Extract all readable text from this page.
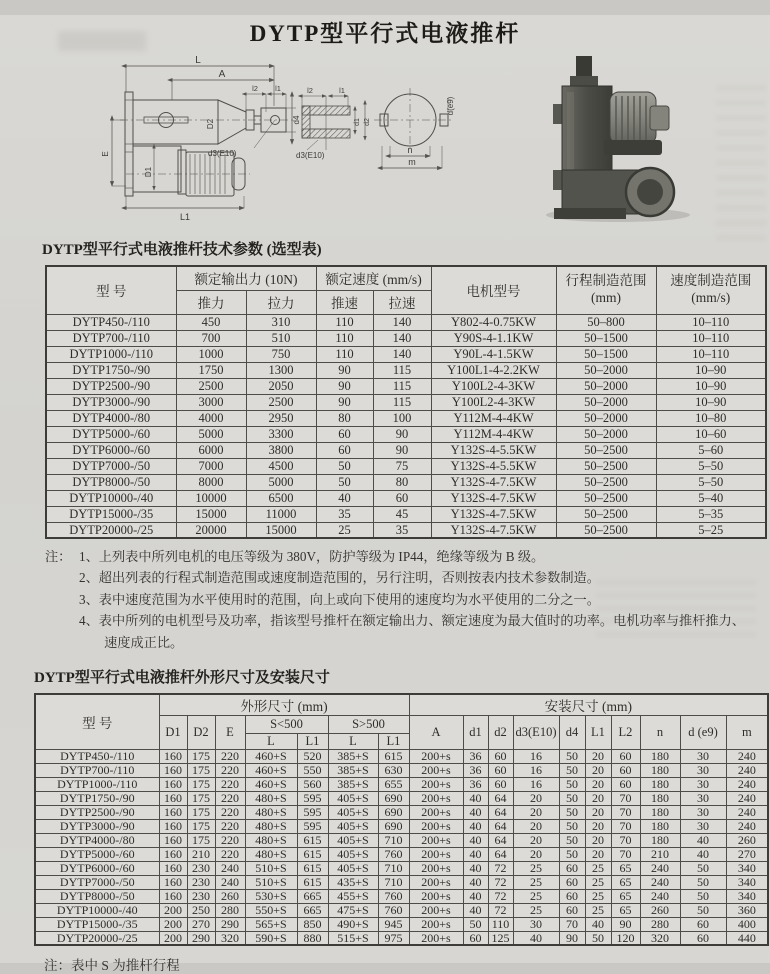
DYTP型平行式电液推杆
L
A
l2 l1
D2	d4
d3(E10)
E
D1
L1
l2	l1
d1 d2
d3(E10)
n
m
d(e9)
DYTP型平行式电液推杆技术参数 (选型表)
型 号	额定输出力 (10N)		额定速度 (mm/s)		电机型号	行程制造范围
(mm)	速度制造范围
(mm/s)

	推力	拉力	推速	拉速			
DYTP450-/110	450	310	110	140	Y802-4-0.75KW	50–800	10–110
DYTP700-/110	700	510	110	140	Y90S-4-1.1KW	50–1500	10–110
DYTP1000-/110	1000	750	110	140	Y90L-4-1.5KW	50–1500	10–110
DYTP1750-/90	1750	1300	90	115	Y100L1-4-2.2KW	50–2000	10–90
DYTP2500-/90	2500	2050	90	115	Y100L2-4-3KW	50–2000	10–90
DYTP3000-/90	3000	2500	90	115	Y100L2-4-3KW	50–2000	10–90
DYTP4000-/80	4000	2950	80	100	Y112M-4-4KW	50–2000	10–80
DYTP5000-/60	5000	3300	60	90	Y112M-4-4KW	50–2000	10–60
DYTP6000-/60	6000	3800	60	90	Y132S-4-5.5KW	50–2500	5–60
DYTP7000-/50	7000	4500	50	75	Y132S-4-5.5KW	50–2500	5–50
DYTP8000-/50	8000	5000	50	80	Y132S-4-7.5KW	50–2500	5–50
DYTP10000-/40	10000	6500	40	60	Y132S-4-7.5KW	50–2500	5–40
DYTP15000-/35	15000	11000	35	45	Y132S-4-7.5KW	50–2500	5–35
DYTP20000-/25	20000	15000	25	35	Y132S-4-7.5KW	50–2500	5–25
注： 1、上列表中所列电机的电压等级为 380V，防护等级为 IP44，绝缘等级为 B 级。
2、超出列表的行程式制造范围或速度制造范围的，另行注明，否则按表内技术参数制造。
3、表中速度范围为水平使用时的范围，向上或向下使用的速度均为水平使用的二分之一。
4、表中所列的电机型号及功率，指该型号推杆在额定输出力、额定速度为最大值时的功率。电机功率与推杆推力、速度成正比。
DYTP型平行式电液推杆外形尺寸及安装尺寸
型 号	外形尺寸 (mm)							安装尺寸 (mm)									
	D1	D2	E	S<500		S>500		A	d1	d2	d3(E10)	d4	L1	L2	n	d (e9)	m
				L	L1	L	L1										
DYTP450-/110	160	175	220	460+S	520	385+S	615	200+s	36	60	16	50	20	60	180	30	240
DYTP700-/110	160	175	220	460+S	550	385+S	630	200+s	36	60	16	50	20	60	180	30	240
DYTP1000-/110	160	175	220	460+S	560	385+S	655	200+s	36	60	16	50	20	60	180	30	240
DYTP1750-/90	160	175	220	480+S	595	405+S	690	200+s	40	64	20	50	20	70	180	30	240
DYTP2500-/90	160	175	220	480+S	595	405+S	690	200+s	40	64	20	50	20	70	180	30	240
DYTP3000-/90	160	175	220	480+S	595	405+S	690	200+s	40	64	20	50	20	70	180	30	240
DYTP4000-/80	160	175	220	480+S	615	405+S	710	200+s	40	64	20	50	20	70	180	40	260
DYTP5000-/60	160	210	220	480+S	615	405+S	760	200+s	40	64	20	50	20	70	210	40	270
DYTP6000-/60	160	230	240	510+S	615	405+S	710	200+s	40	72	25	60	25	65	240	50	340
DYTP7000-/50	160	230	240	510+S	615	435+S	710	200+s	40	72	25	60	25	65	240	50	340
DYTP8000-/50	160	230	260	530+S	665	455+S	760	200+s	40	72	25	60	25	65	240	50	340
DYTP10000-/40	200	250	280	550+S	665	475+S	760	200+s	40	72	25	60	25	65	260	50	360
DYTP15000-/35	200	270	290	565+S	850	490+S	945	200+s	50	110	30	70	40	90	280	60	400
DYTP20000-/25	200	290	320	590+S	880	515+S	975	200+s	60	125	40	90	50	120	320	60	440
注：表中 S 为推杆行程
